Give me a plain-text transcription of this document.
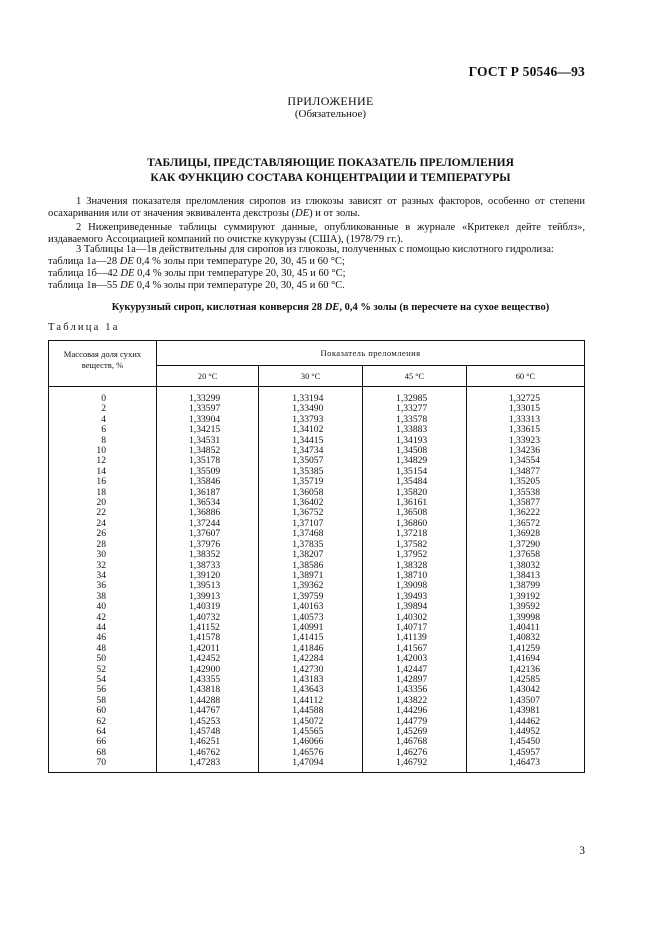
ГОСТ Р 50546—93
ПРИЛОЖЕНИЕ
(Обязательное)
ТАБЛИЦЫ, ПРЕДСТАВЛЯЮЩИЕ ПОКАЗАТЕЛЬ ПРЕЛОМЛЕНИЯ
КАК ФУНКЦИЮ СОСТАВА КОНЦЕНТРАЦИИ И ТЕМПЕРАТУРЫ
1 Значения показателя преломления сиропов из глюкозы зависят от разных факторов, особенно от степени осахаривания или от значения эквивалента декстрозы (DE) и от золы.
2 Нижеприведенные таблицы суммируют данные, опубликованные в журнале «Критекел дейте тейблз», издаваемого Ассоциацией компаний по очистке кукурузы (США), (1978/79 гг.).
3 Таблицы 1а—1в действительны для сиропов из глюкозы, полученных с помощью кислотного гидролиза:
таблица 1а—28 DE 0,4 % золы при температуре 20, 30, 45 и 60 °С;
таблица 1б—42 DE 0,4 % золы при температуре 20, 30, 45 и 60 °С;
таблица 1в—55 DE 0,4 % золы при температуре 20, 30, 45 и 60 °С.
Кукурузный сироп, кислотная конверсия 28 DE, 0,4 % золы (в пересчете на сухое вещество)
Таблица 1а
Массовая доля сухих веществ, %	Показатель преломления			
	20 °С	30 °С	45 °С	60 °С
0	1,33299	1,33194	1,32985	1,32725
2	1,33597	1,33490	1,33277	1,33015
4	1,33904	1,33793	1,33578	1,33313
6	1,34215	1,34102	1,33883	1,33615
8	1,34531	1,34415	1,34193	1,33923
10	1,34852	1,34734	1,34508	1,34236
12	1,35178	1,35057	1,34829	1,34554
14	1,35509	1,35385	1,35154	1,34877
16	1,35846	1,35719	1,35484	1,35205
18	1,36187	1,36058	1,35820	1,35538
20	1,36534	1,36402	1,36161	1,35877
22	1,36886	1,36752	1,36508	1,36222
24	1,37244	1,37107	1,36860	1,36572
26	1,37607	1,37468	1,37218	1,36928
28	1,37976	1,37835	1,37582	1,37290
30	1,38352	1,38207	1,37952	1,37658
32	1,38733	1,38586	1,38328	1,38032
34	1,39120	1,38971	1,38710	1,38413
36	1,39513	1,39362	1,39098	1,38799
38	1,39913	1,39759	1,39493	1,39192
40	1,40319	1,40163	1,39894	1,39592
42	1,40732	1,40573	1,40302	1,39998
44	1,41152	1,40991	1,40717	1,40411
46	1,41578	1,41415	1,41139	1,40832
48	1,42011	1,41846	1,41567	1,41259
50	1,42452	1,42284	1,42003	1,41694
52	1,42900	1,42730	1,42447	1,42136
54	1,43355	1,43183	1,42897	1,42585
56	1,43818	1,43643	1,43356	1,43042
58	1,44288	1,44112	1,43822	1,43507
60	1,44767	1,44588	1,44296	1,43981
62	1,45253	1,45072	1,44779	1,44462
64	1,45748	1,45565	1,45269	1,44952
66	1,46251	1,46066	1,46768	1,45450
68	1,46762	1,46576	1,46276	1,45957
70	1,47283	1,47094	1,46792	1,46473
3
